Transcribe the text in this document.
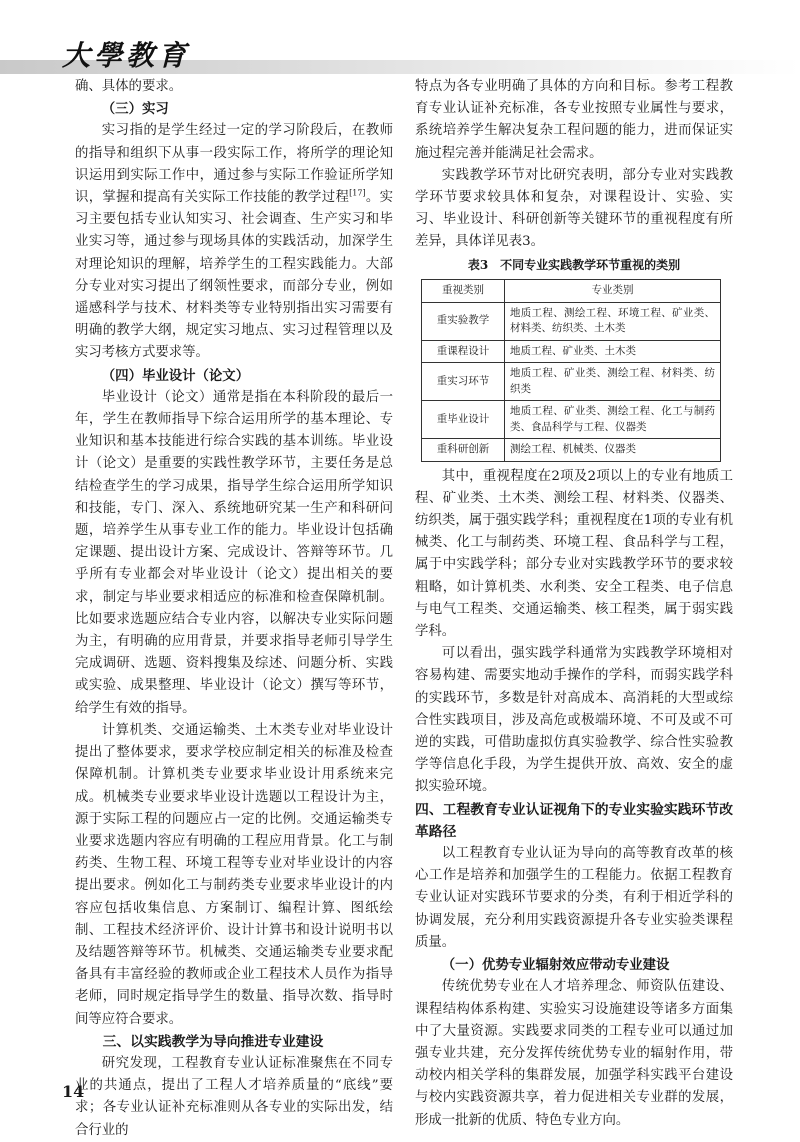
大學教育

确、具体的要求。

（三）实习

实习指的是学生经过一定的学习阶段后，在教师的指导和组织下从事一段实际工作，将所学的理论知识运用到实际工作中，通过参与实际工作验证所学知识，掌握和提高有关实际工作技能的教学过程[17]。实习主要包括专业认知实习、社会调查、生产实习和毕业实习等，通过参与现场具体的实践活动，加深学生对理论知识的理解，培养学生的工程实践能力。大部分专业对实习提出了纲领性要求，而部分专业，例如遥感科学与技术、材料类等专业特别指出实习需要有明确的教学大纲，规定实习地点、实习过程管理以及实习考核方式要求等。

（四）毕业设计（论文）

毕业设计（论文）通常是指在本科阶段的最后一年，学生在教师指导下综合运用所学的基本理论、专业知识和基本技能进行综合实践的基本训练。毕业设计（论文）是重要的实践性教学环节，主要任务是总结检查学生的学习成果，指导学生综合运用所学知识和技能，专门、深入、系统地研究某一生产和科研问题，培养学生从事专业工作的能力。毕业设计包括确定课题、提出设计方案、完成设计、答辩等环节。几乎所有专业都会对毕业设计（论文）提出相关的要求，制定与毕业要求相适应的标准和检查保障机制。比如要求选题应结合专业内容，以解决专业实际问题为主，有明确的应用背景，并要求指导老师引导学生完成调研、选题、资料搜集及综述、问题分析、实践或实验、成果整理、毕业设计（论文）撰写等环节，给学生有效的指导。

计算机类、交通运输类、土木类专业对毕业设计提出了整体要求，要求学校应制定相关的标准及检查保障机制。计算机类专业要求毕业设计用系统来完成。机械类专业要求毕业设计选题以工程设计为主，源于实际工程的问题应占一定的比例。交通运输类专业要求选题内容应有明确的工程应用背景。化工与制药类、生物工程、环境工程等专业对毕业设计的内容提出要求。例如化工与制药类专业要求毕业设计的内容应包括收集信息、方案制订、编程计算、图纸绘制、工程技术经济评价、设计计算书和设计说明书以及结题答辩等环节。机械类、交通运输类专业要求配备具有丰富经验的教师或企业工程技术人员作为指导老师，同时规定指导学生的数量、指导次数、指导时间等应符合要求。

三、以实践教学为导向推进专业建设

研究发现，工程教育专业认证标准聚焦在不同专业的共通点，提出了工程人才培养质量的“底线”要求；各专业认证补充标准则从各专业的实际出发，结合行业的

特点为各专业明确了具体的方向和目标。参考工程教育专业认证补充标准，各专业按照专业属性与要求，系统培养学生解决复杂工程问题的能力，进而保证实施过程完善并能满足社会需求。

实践教学环节对比研究表明，部分专业对实践教学环节要求较具体和复杂，对课程设计、实验、实习、毕业设计、科研创新等关键环节的重视程度有所差异，具体详见表3。

表3　不同专业实践教学环节重视的类别
重视类别	专业类别
重实验教学	地质工程、测绘工程、环境工程、矿业类、材料类、纺织类、土木类
重课程设计	地质工程、矿业类、土木类
重实习环节	地质工程、矿业类、测绘工程、材料类、纺织类
重毕业设计	地质工程、矿业类、测绘工程、化工与制药类、食品科学与工程、仪器类
重科研创新	测绘工程、机械类、仪器类

其中，重视程度在2项及2项以上的专业有地质工程、矿业类、土木类、测绘工程、材料类、仪器类、纺织类，属于强实践学科；重视程度在1项的专业有机械类、化工与制药类、环境工程、食品科学与工程，属于中实践学科；部分专业对实践教学环节的要求较粗略，如计算机类、水利类、安全工程类、电子信息与电气工程类、交通运输类、核工程类，属于弱实践学科。

可以看出，强实践学科通常为实践教学环境相对容易构建、需要实地动手操作的学科，而弱实践学科的实践环节，多数是针对高成本、高消耗的大型或综合性实践项目，涉及高危或极端环境、不可及或不可逆的实践，可借助虚拟仿真实验教学、综合性实验教学等信息化手段，为学生提供开放、高效、安全的虚拟实验环境。

四、工程教育专业认证视角下的专业实验实践环节改革路径

以工程教育专业认证为导向的高等教育改革的核心工作是培养和加强学生的工程能力。依据工程教育专业认证对实践环节要求的分类，有利于相近学科的协调发展，充分利用实践资源提升各专业实验类课程质量。

（一）优势专业辐射效应带动专业建设

传统优势专业在人才培养理念、师资队伍建设、课程结构体系构建、实验实习设施建设等诸多方面集中了大量资源。实践要求同类的工程专业可以通过加强专业共建，充分发挥传统优势专业的辐射作用，带动校内相关学科的集群发展，加强学科实践平台建设与校内实践资源共享，着力促进相关专业群的发展，形成一批新的优质、特色专业方向。

14
